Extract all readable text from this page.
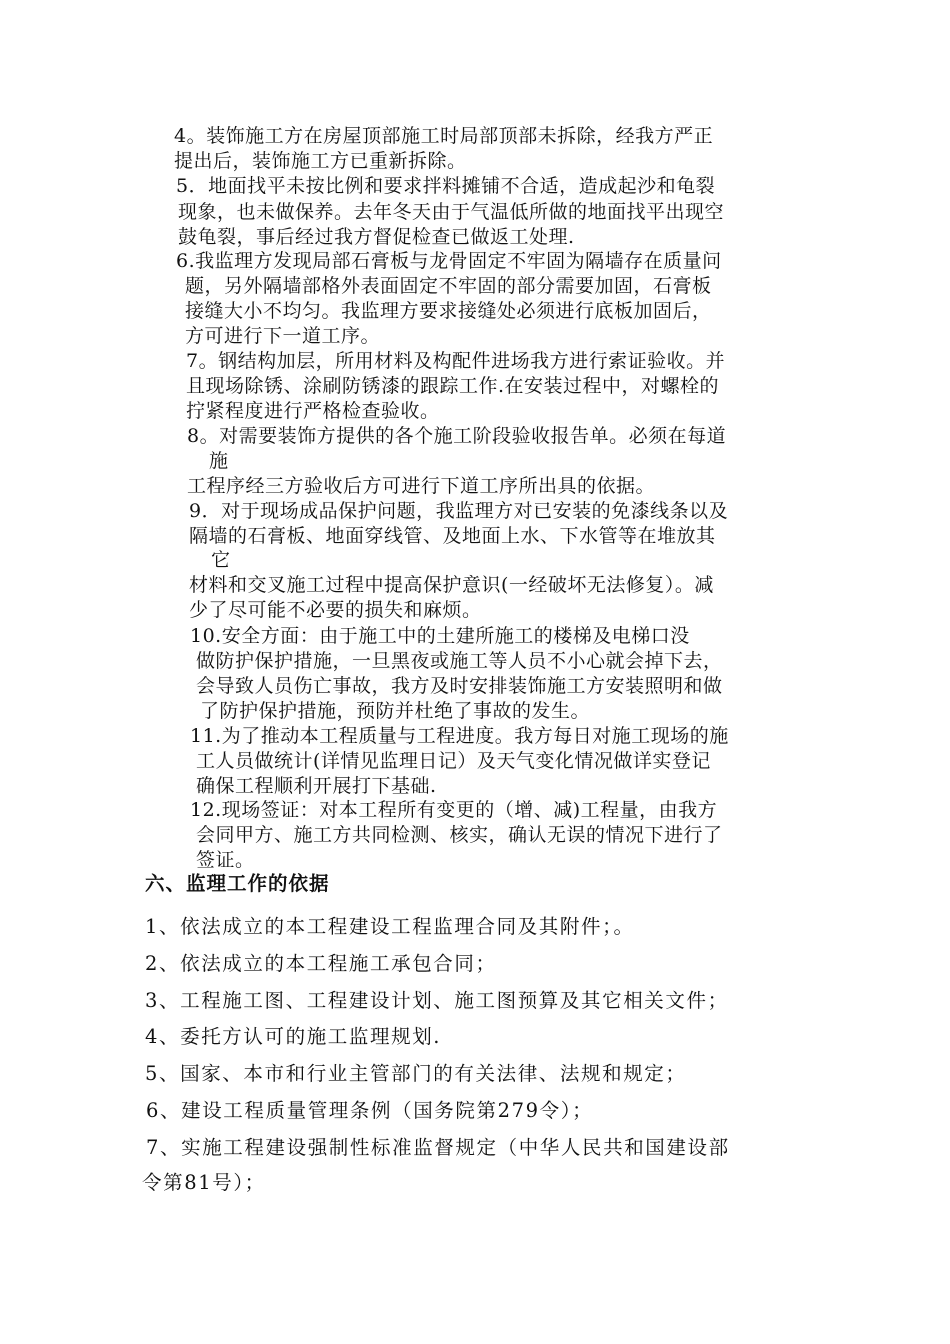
4。装饰施工方在房屋顶部施工时局部顶部未拆除，经我方严正
提出后，装饰施工方已重新拆除。
5．地面找平未按比例和要求拌料摊铺不合适，造成起沙和龟裂
现象，也未做保养。去年冬天由于气温低所做的地面找平出现空
鼓龟裂，事后经过我方督促检查已做返工处理.
6.我监理方发现局部石膏板与龙骨固定不牢固为隔墙存在质量问
题，另外隔墙部格外表面固定不牢固的部分需要加固，石膏板
接缝大小不均匀。我监理方要求接缝处必须进行底板加固后，
方可进行下一道工序。
7。钢结构加层，所用材料及构配件进场我方进行索证验收。并
且现场除锈、涂刷防锈漆的跟踪工作.在安装过程中，对螺栓的
拧紧程度进行严格检查验收。
8。对需要装饰方提供的各个施工阶段验收报告单。必须在每道
施
工程序经三方验收后方可进行下道工序所出具的依据。
9．对于现场成品保护问题，我监理方对已安装的免漆线条以及
隔墙的石膏板、地面穿线管、及地面上水、下水管等在堆放其
它
材料和交叉施工过程中提高保护意识(一经破坏无法修复）。减
少了尽可能不必要的损失和麻烦。
10.安全方面：由于施工中的土建所施工的楼梯及电梯口没
做防护保护措施，一旦黑夜或施工等人员不小心就会掉下去，
会导致人员伤亡事故，我方及时安排装饰施工方安装照明和做
了防护保护措施，预防并杜绝了事故的发生。
11.为了推动本工程质量与工程进度。我方每日对施工现场的施
工人员做统计(详情见监理日记）及天气变化情况做详实登记
确保工程顺利开展打下基础.
12.现场签证：对本工程所有变更的（增、减)工程量，由我方
会同甲方、施工方共同检测、核实，确认无误的情况下进行了
签证。
六、监理工作的依据
1、依法成立的本工程建设工程监理合同及其附件；。
2、依法成立的本工程施工承包合同；
3、工程施工图、工程建设计划、施工图预算及其它相关文件；
4、委托方认可的施工监理规划.
5、国家、本市和行业主管部门的有关法律、法规和规定；
6、建设工程质量管理条例（国务院第279令）；
7、实施工程建设强制性标准监督规定（中华人民共和国建设部
令第81号）；
